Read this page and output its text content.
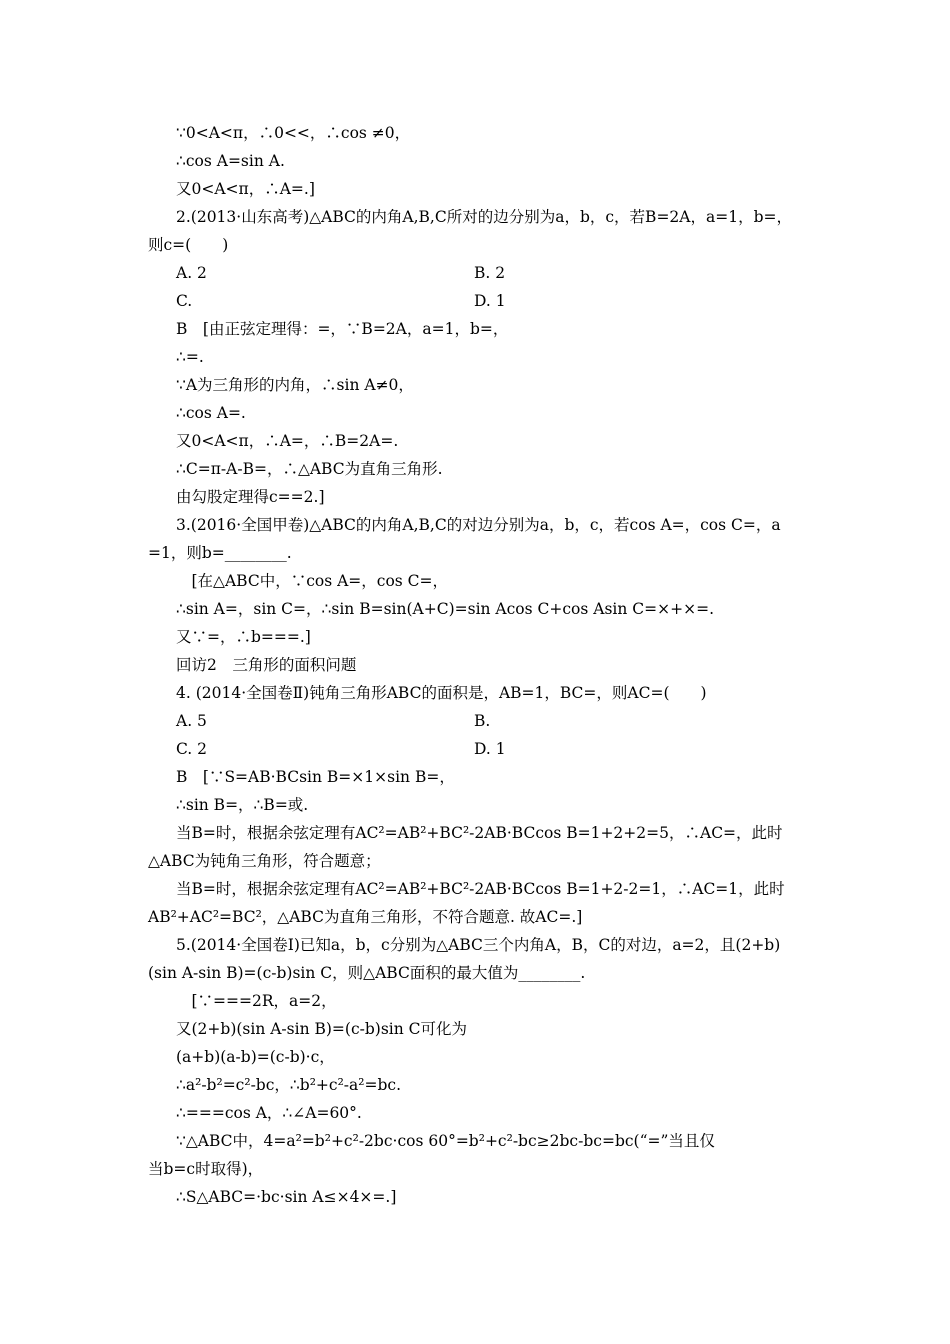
∵0<A<π，∴0<<，∴cos ≠0，
∴cos A=sin A.
又0<A<π，∴A=.]
2.(2013·山东高考)△ABC的内角A,B,C所对的边分别为a，b，c，若B=2A，a=1，b=，
则c=(　　)
A. 2	B. 2
C.	D. 1
B　[由正弦定理得：=，∵B=2A，a=1，b=，
∴=.
∵A为三角形的内角，∴sin A≠0，
∴cos A=.
又0<A<π，∴A=，∴B=2A=.
∴C=π-A-B=，∴△ABC为直角三角形.
由勾股定理得c==2.]
3.(2016·全国甲卷)△ABC的内角A,B,C的对边分别为a，b，c，若cos A=，cos C=，a
=1，则b=________.
　[在△ABC中，∵cos A=，cos C=，
∴sin A=，sin C=，∴sin B=sin(A+C)=sin Acos C+cos Asin C=×+×=.
又∵=，∴b===.]
回访2　三角形的面积问题
4. (2014·全国卷Ⅱ)钝角三角形ABC的面积是，AB=1，BC=，则AC=(　　)
A. 5	B.
C. 2	D. 1
B　[∵S=AB·BCsin B=×1×sin B=，
∴sin B=，∴B=或.
当B=时，根据余弦定理有AC²=AB²+BC²-2AB·BCcos B=1+2+2=5，∴AC=，此时
△ABC为钝角三角形，符合题意；
当B=时，根据余弦定理有AC²=AB²+BC²-2AB·BCcos B=1+2-2=1，∴AC=1，此时
AB²+AC²=BC²，△ABC为直角三角形，不符合题意. 故AC=.]
5.(2014·全国卷Ⅰ)已知a，b，c分别为△ABC三个内角A，B，C的对边，a=2，且(2+b)
(sin A-sin B)=(c-b)sin C，则△ABC面积的最大值为________.
　[∵===2R，a=2，
又(2+b)(sin A-sin B)=(c-b)sin C可化为
(a+b)(a-b)=(c-b)·c，
∴a²-b²=c²-bc，∴b²+c²-a²=bc.
∴===cos A，∴∠A=60°.
∵△ABC中，4=a²=b²+c²-2bc·cos 60°=b²+c²-bc≥2bc-bc=bc(“=”当且仅
当b=c时取得)，
∴S△ABC=·bc·sin A≤×4×=.]
